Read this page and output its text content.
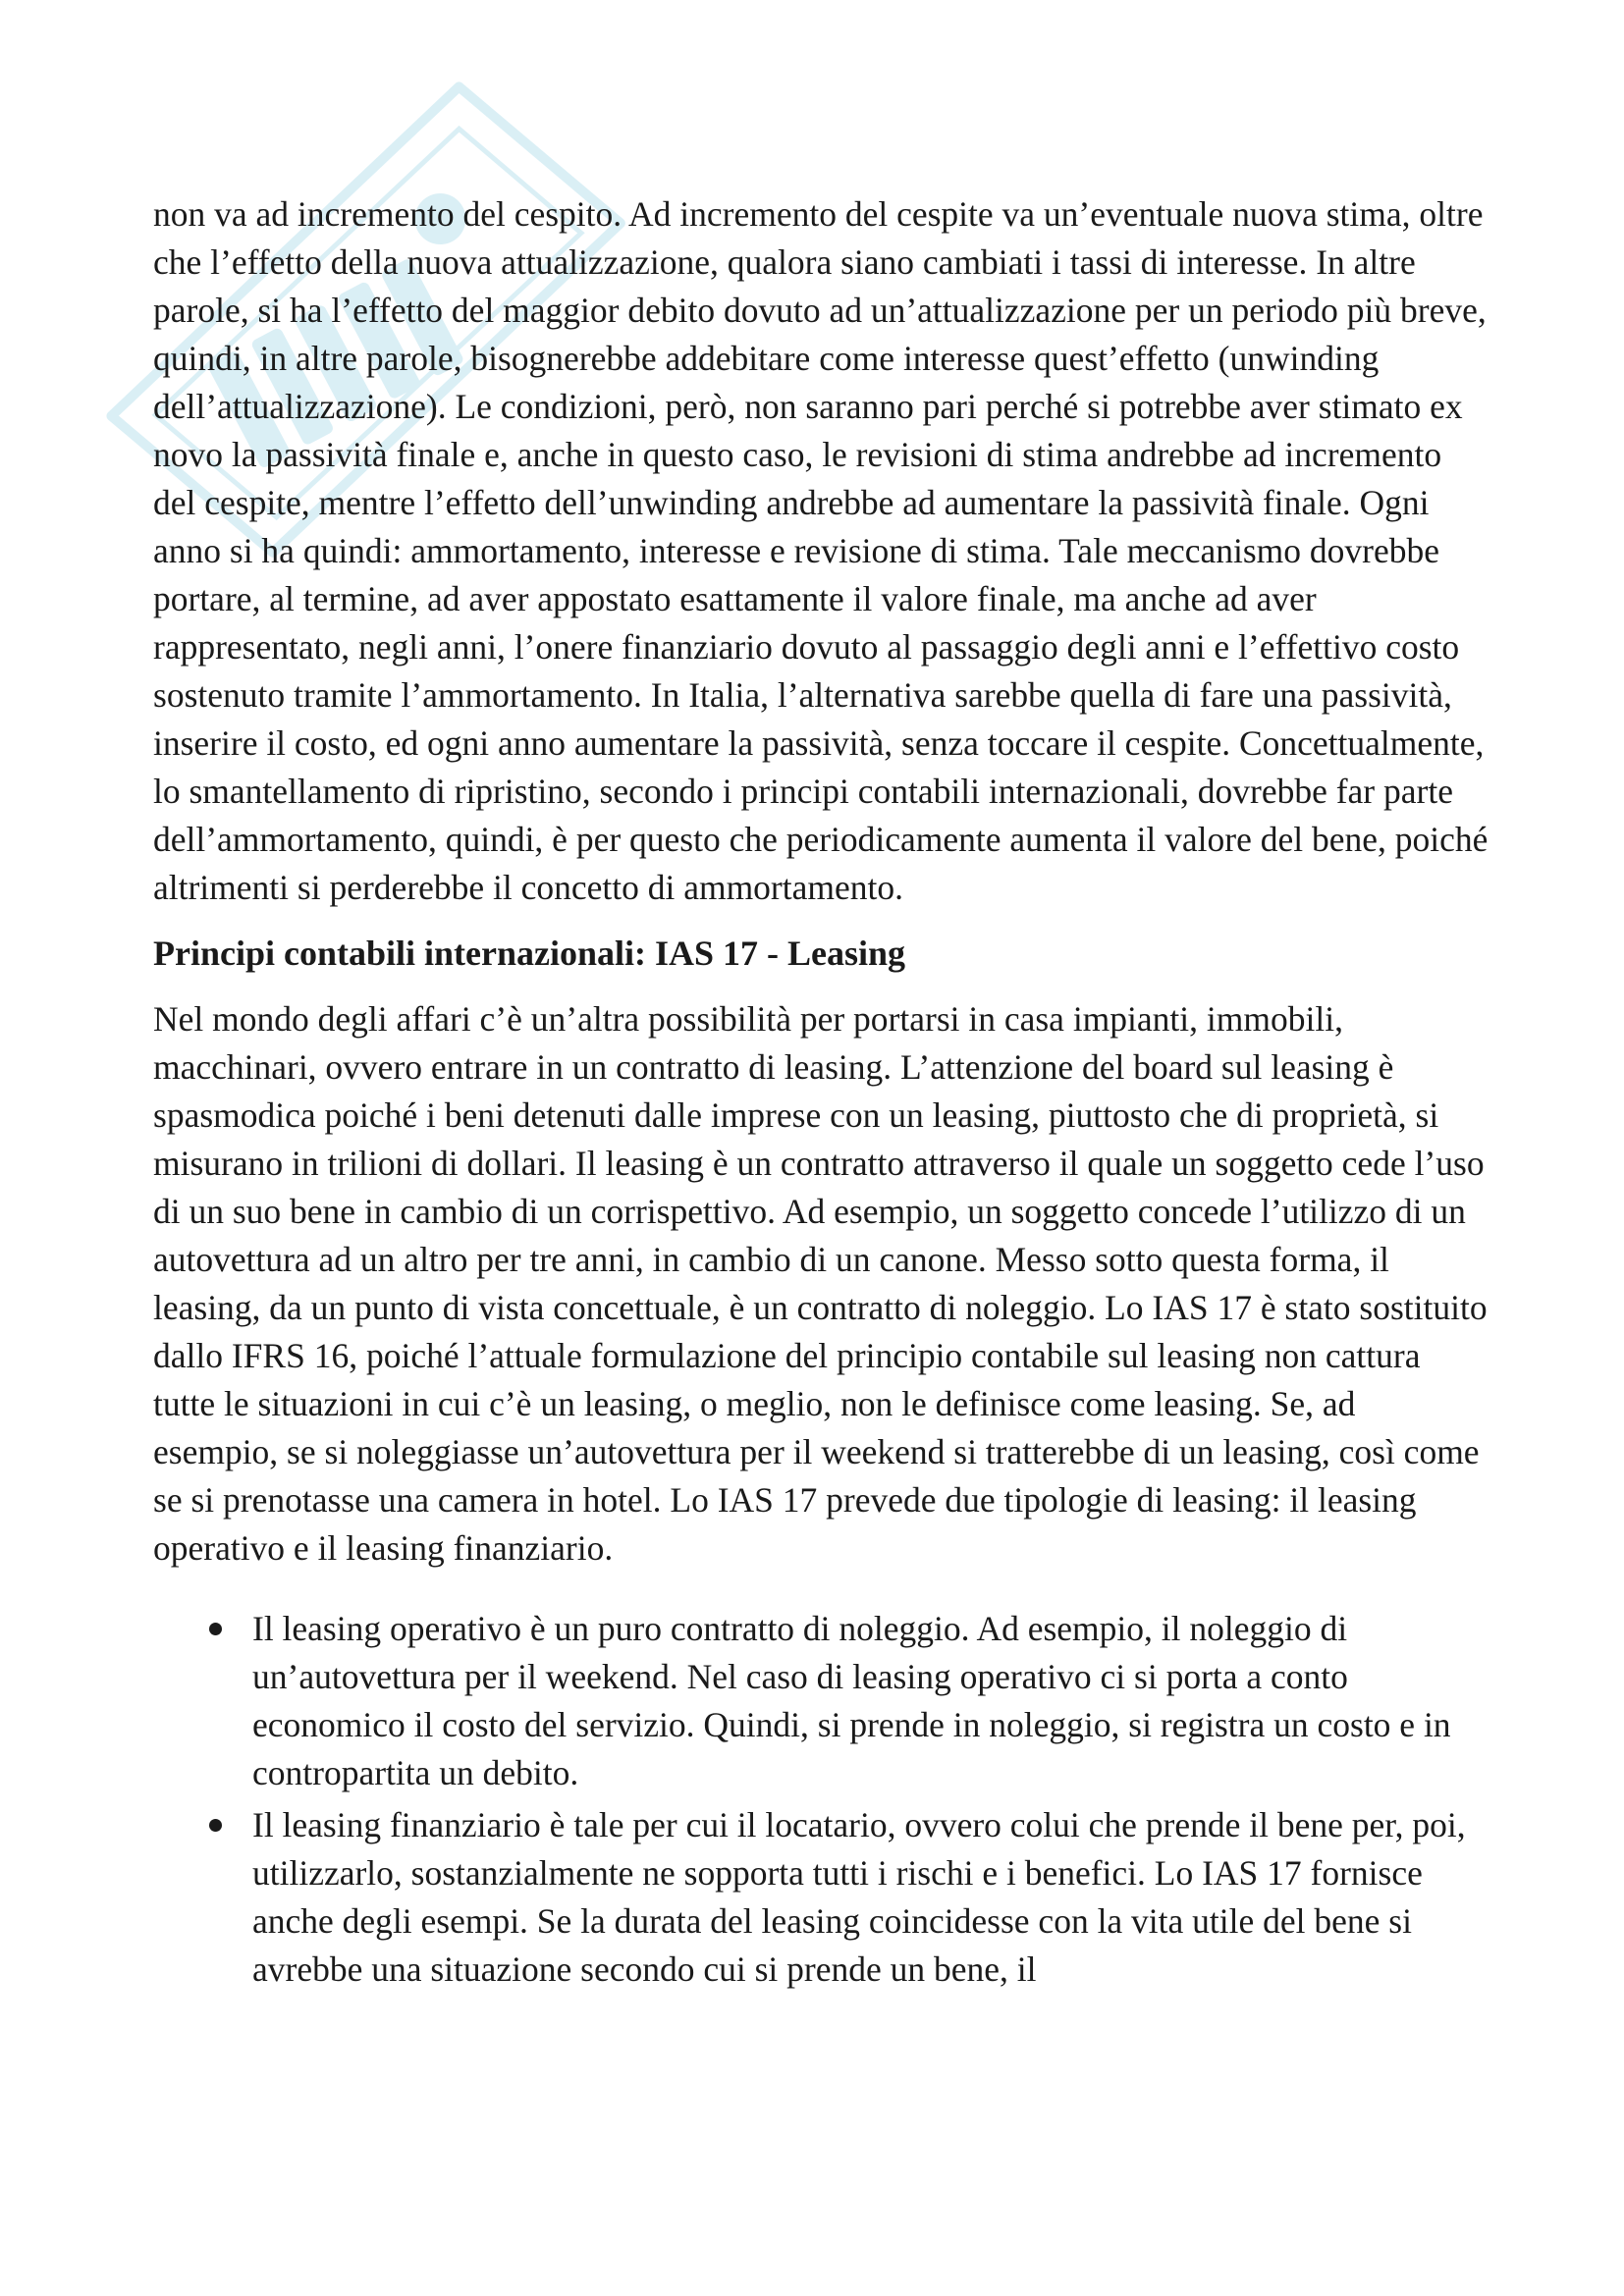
non va ad incremento del cespito. Ad incremento del cespite va un’eventuale nuova stima, oltre che l’effetto della nuova attualizzazione, qualora siano cambiati i tassi di interesse. In altre parole, si ha l’effetto del maggior debito dovuto ad un’attualizzazione per un periodo più breve, quindi, in altre parole, bisognerebbe addebitare come interesse quest’effetto (unwinding dell’attualizzazione). Le condizioni, però, non saranno pari perché si potrebbe aver stimato ex novo la passività finale e, anche in questo caso, le revisioni di stima andrebbe ad incremento del cespite, mentre l’effetto dell’unwinding andrebbe ad aumentare la passività finale. Ogni anno si ha quindi: ammortamento, interesse e revisione di stima. Tale meccanismo dovrebbe portare, al termine, ad aver appostato esattamente il valore finale, ma anche ad aver rappresentato, negli anni, l’onere finanziario dovuto al passaggio degli anni e l’effettivo costo sostenuto tramite l’ammortamento. In Italia, l’alternativa sarebbe quella di fare una passività, inserire il costo, ed ogni anno aumentare la passività, senza toccare il cespite. Concettualmente, lo smantellamento di ripristino, secondo i principi contabili internazionali, dovrebbe far parte dell’ammortamento, quindi, è per questo che periodicamente aumenta il valore del bene, poiché altrimenti si perderebbe il concetto di ammortamento.

Principi contabili internazionali: IAS 17 - Leasing

Nel mondo degli affari c’è un’altra possibilità per portarsi in casa impianti, immobili, macchinari, ovvero entrare in un contratto di leasing. L’attenzione del board sul leasing è spasmodica poiché i beni detenuti dalle imprese con un leasing, piuttosto che di proprietà, si misurano in trilioni di dollari. Il leasing è un contratto attraverso il quale un soggetto cede l’uso di un suo bene in cambio di un corrispettivo. Ad esempio, un soggetto concede l’utilizzo di un autovettura ad un altro per tre anni, in cambio di un canone. Messo sotto questa forma, il leasing, da un punto di vista concettuale, è un contratto di noleggio. Lo IAS 17 è stato sostituito dallo IFRS 16, poiché l’attuale formulazione del principio contabile sul leasing non cattura tutte le situazioni in cui c’è un leasing, o meglio, non le definisce come leasing. Se, ad esempio, se si noleggiasse un’autovettura per il weekend si tratterebbe di un leasing, così come se si prenotasse una camera in hotel. Lo IAS 17 prevede due tipologie di leasing: il leasing operativo e il leasing finanziario.

Il leasing operativo è un puro contratto di noleggio. Ad esempio, il noleggio di un’autovettura per il weekend. Nel caso di leasing operativo ci si porta a conto economico il costo del servizio. Quindi, si prende in noleggio, si registra un costo e in contropartita un debito.
Il leasing finanziario è tale per cui il locatario, ovvero colui che prende il bene per, poi, utilizzarlo, sostanzialmente ne sopporta tutti i rischi e i benefici. Lo IAS 17 fornisce anche degli esempi. Se la durata del leasing coincidesse con la vita utile del bene si avrebbe una situazione secondo cui si prende un bene, il
